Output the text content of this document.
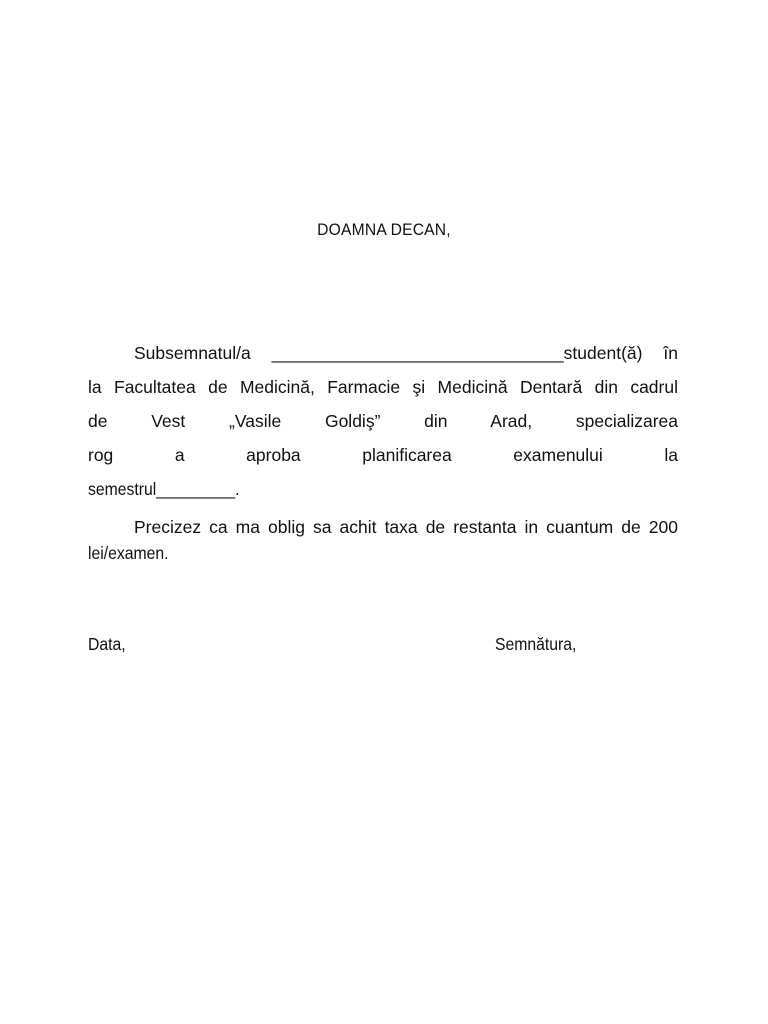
DOAMNA DECAN,
Subsemnatul/a ______________________________student(ă) în
la Facultatea de Medicină, Farmacie şi Medicină Dentară din cadrul
de Vest „Vasile Goldiş” din Arad, specializarea
rog a aproba planificarea examenului la
semestrul_________.
Precizez ca ma oblig sa achit taxa de restanta in cuantum de 200
lei/examen.
Data,	Semnătura,
